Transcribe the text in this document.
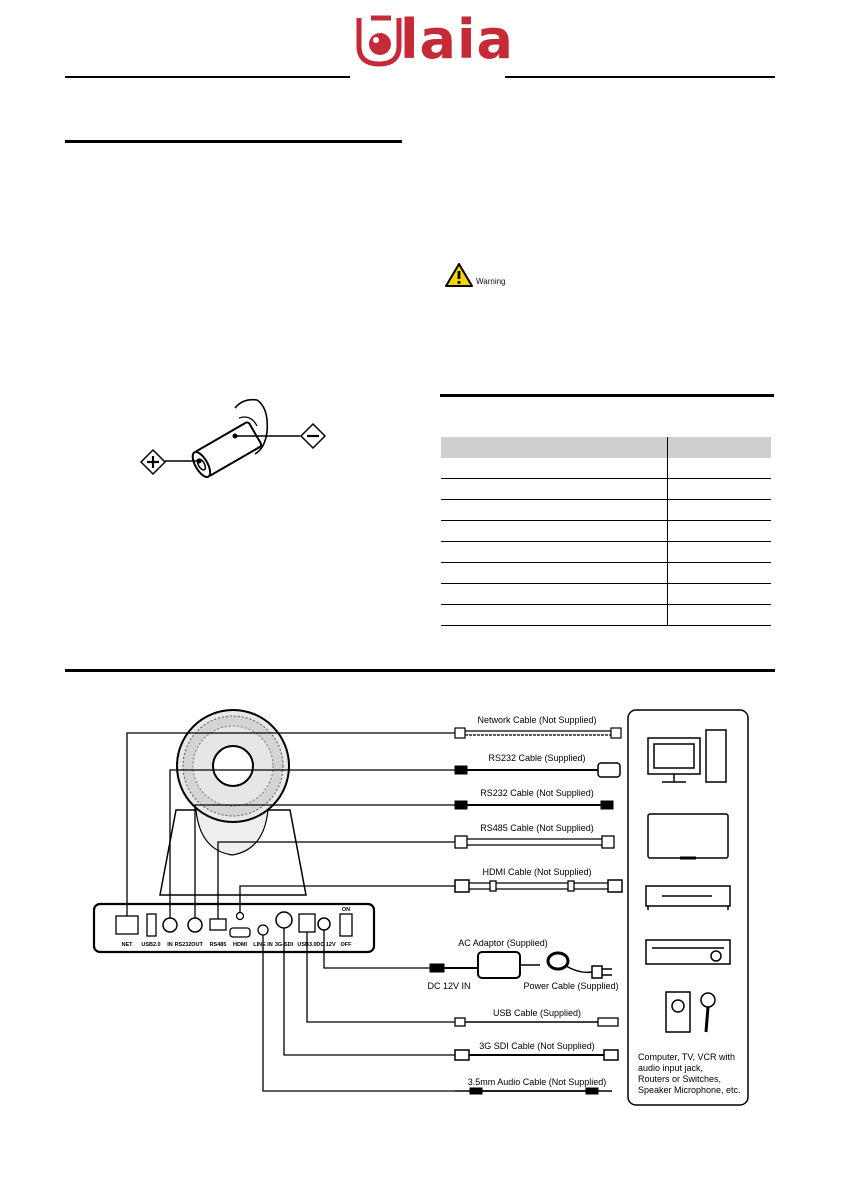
laia
Warning

NET USB2.0 IN RS232 OUT RS485 HDMI LINE IN 3G-SDI USB3.0 DC 12V
ON
OFF
Network Cable (Not Supplied)
RS232 Cable (Supplied)
RS232 Cable (Not Supplied)
RS485 Cable (Not Supplied)
HDMI Cable (Not Supplied)
AC Adaptor (Supplied)
DC 12V IN	Power Cable (Supplied)
USB Cable (Supplied)
3G SDI Cable (Not Supplied)
3.5mm Audio Cable (Not Supplied)
Computer, TV, VCR with
audio input jack,
Routers or Switches,
Speaker Microphone, etc.
